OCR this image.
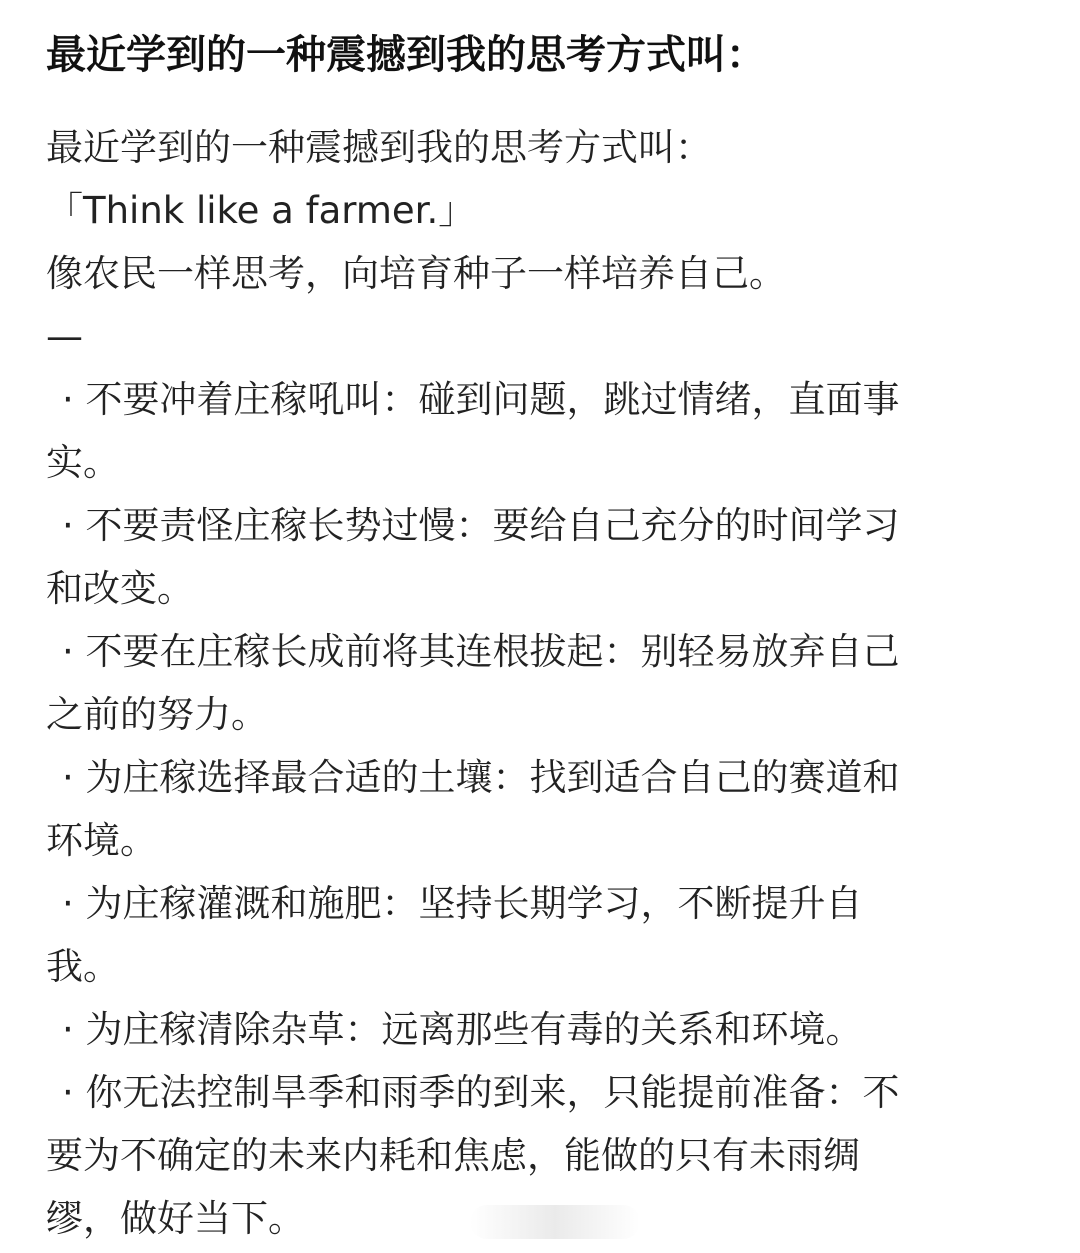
最近学到的一种震撼到我的思考方式叫：
最近学到的一种震撼到我的思考方式叫：
「Think like a farmer.」
像农民一样思考，向培育种子一样培养自己。
—
· 不要冲着庄稼吼叫：碰到问题，跳过情绪，直面事
实。
· 不要责怪庄稼长势过慢：要给自己充分的时间学习
和改变。
· 不要在庄稼长成前将其连根拔起：别轻易放弃自己
之前的努力。
· 为庄稼选择最合适的土壤：找到适合自己的赛道和
环境。
· 为庄稼灌溉和施肥：坚持长期学习，不断提升自
我。
· 为庄稼清除杂草：远离那些有毒的关系和环境。
· 你无法控制旱季和雨季的到来，只能提前准备：不
要为不确定的未来内耗和焦虑，能做的只有未雨绸
缪，做好当下。
